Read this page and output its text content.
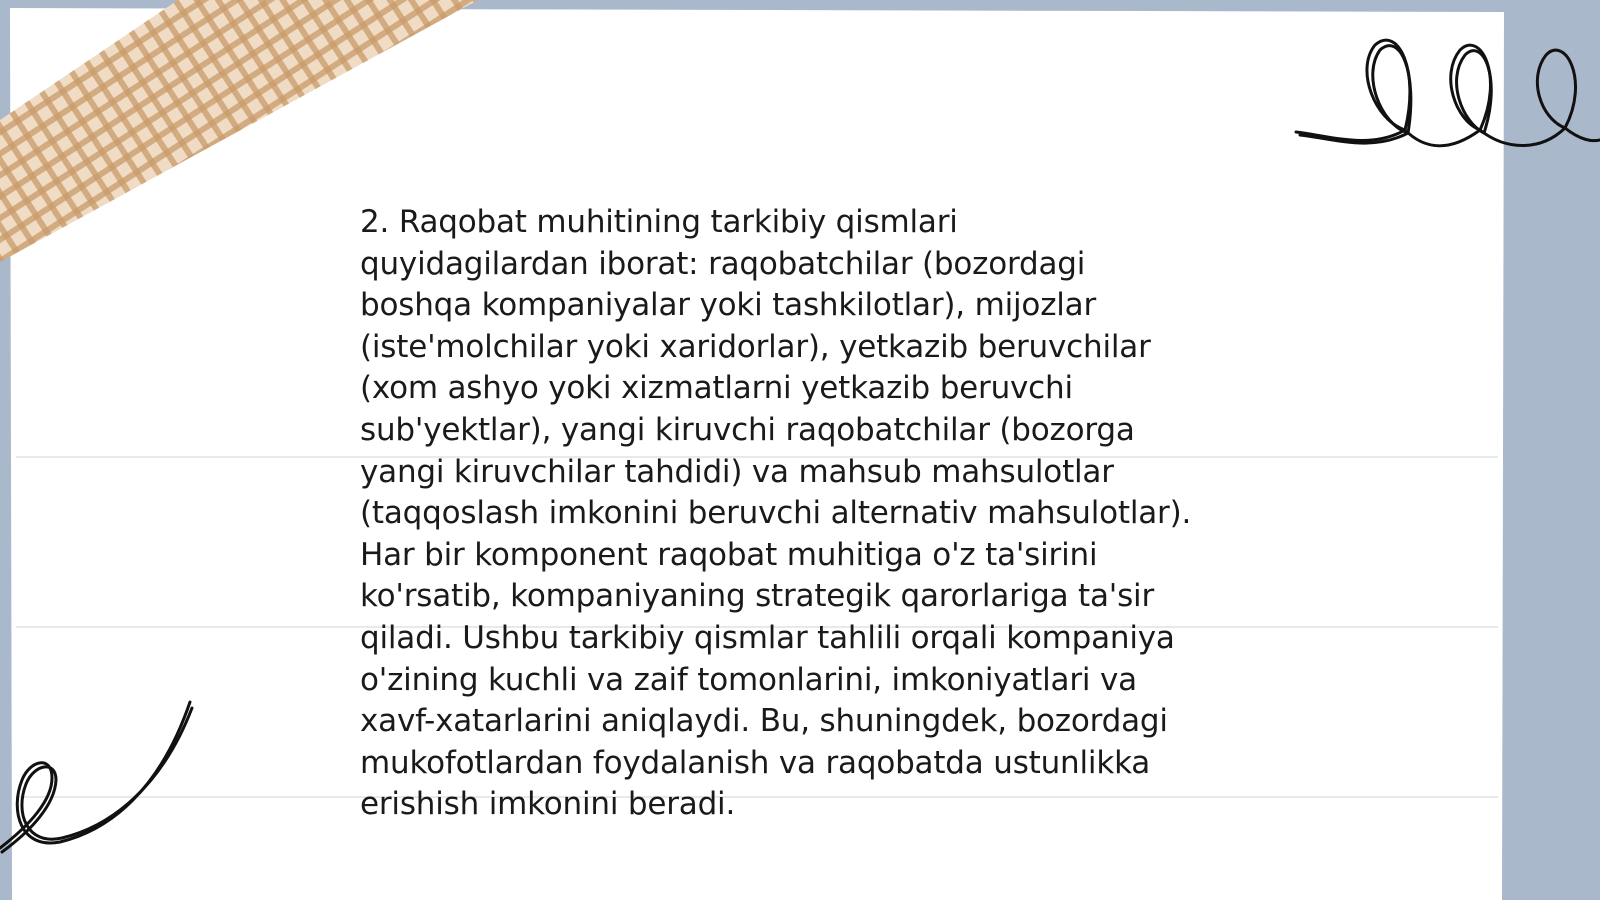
2. Raqobat muhitining tarkibiy qismlari
quyidagilardan iborat: raqobatchilar (bozordagi
boshqa kompaniyalar yoki tashkilotlar), mijozlar
(iste'molchilar yoki xaridorlar), yetkazib beruvchilar
(xom ashyo yoki xizmatlarni yetkazib beruvchi
sub'yektlar), yangi kiruvchi raqobatchilar (bozorga
yangi kiruvchilar tahdidi) va mahsub mahsulotlar
(taqqoslash imkonini beruvchi alternativ mahsulotlar).
Har bir komponent raqobat muhitiga o'z ta'sirini
ko'rsatib, kompaniyaning strategik qarorlariga ta'sir
qiladi. Ushbu tarkibiy qismlar tahlili orqali kompaniya
o'zining kuchli va zaif tomonlarini, imkoniyatlari va
xavf-xatarlarini aniqlaydi. Bu, shuningdek, bozordagi
mukofotlardan foydalanish va raqobatda ustunlikka
erishish imkonini beradi.
